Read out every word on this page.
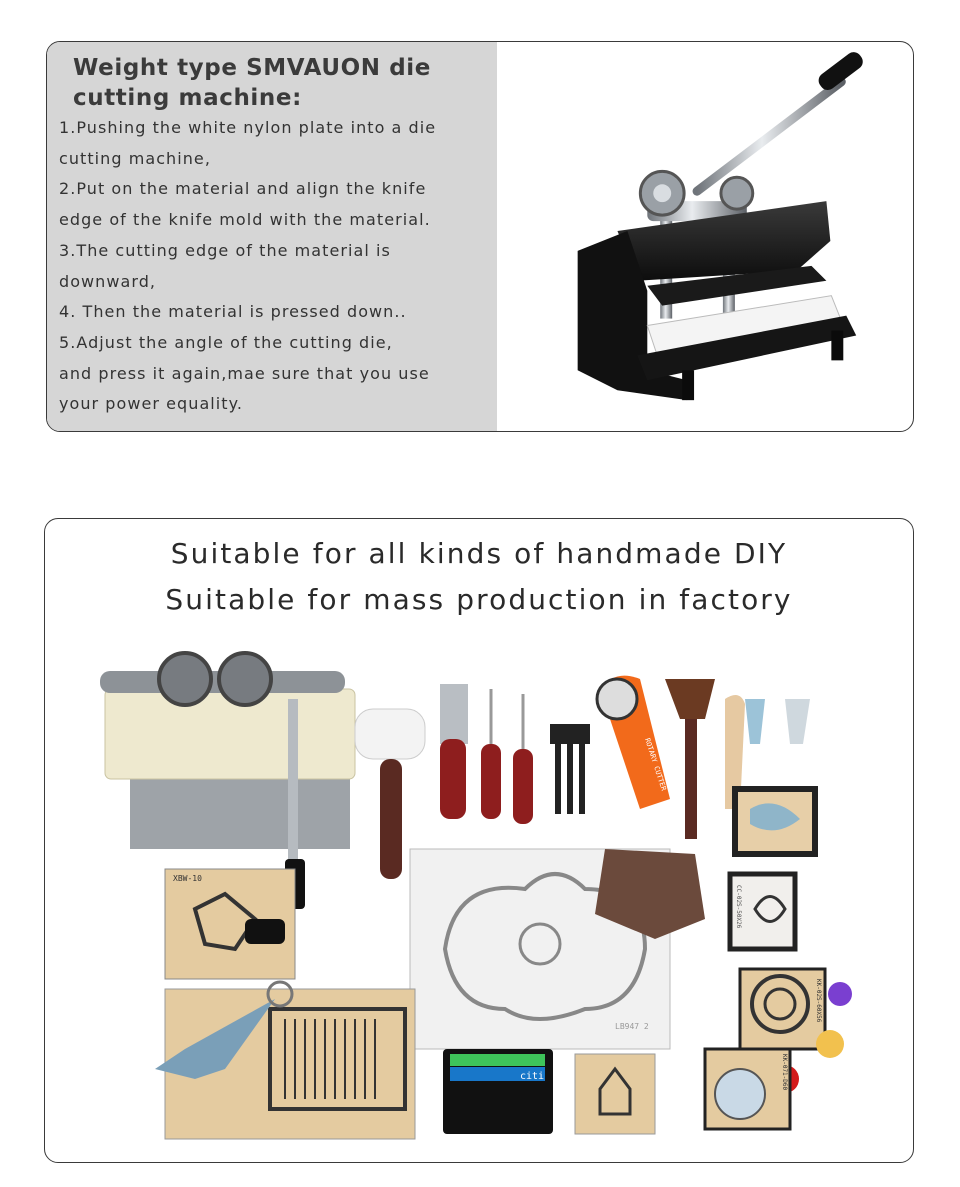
Weight type SMVAUON die
cutting machine:
1.Pushing the white nylon plate into a die
cutting machine,
2.Put on the material and align the knife
edge of the knife mold with the material.
3.The cutting edge of the material is
downward,
4. Then the material is pressed down..
5.Adjust the angle of the cutting die,
and press it again,mae sure that you use
your power equality.
Suitable for all kinds of handmade DIY
Suitable for mass production in factory
ROTARY CUTTER
XBW-10
LB947 2
CC-02S-50X26
KK-02S-60X56
citi	KK-071-D60
